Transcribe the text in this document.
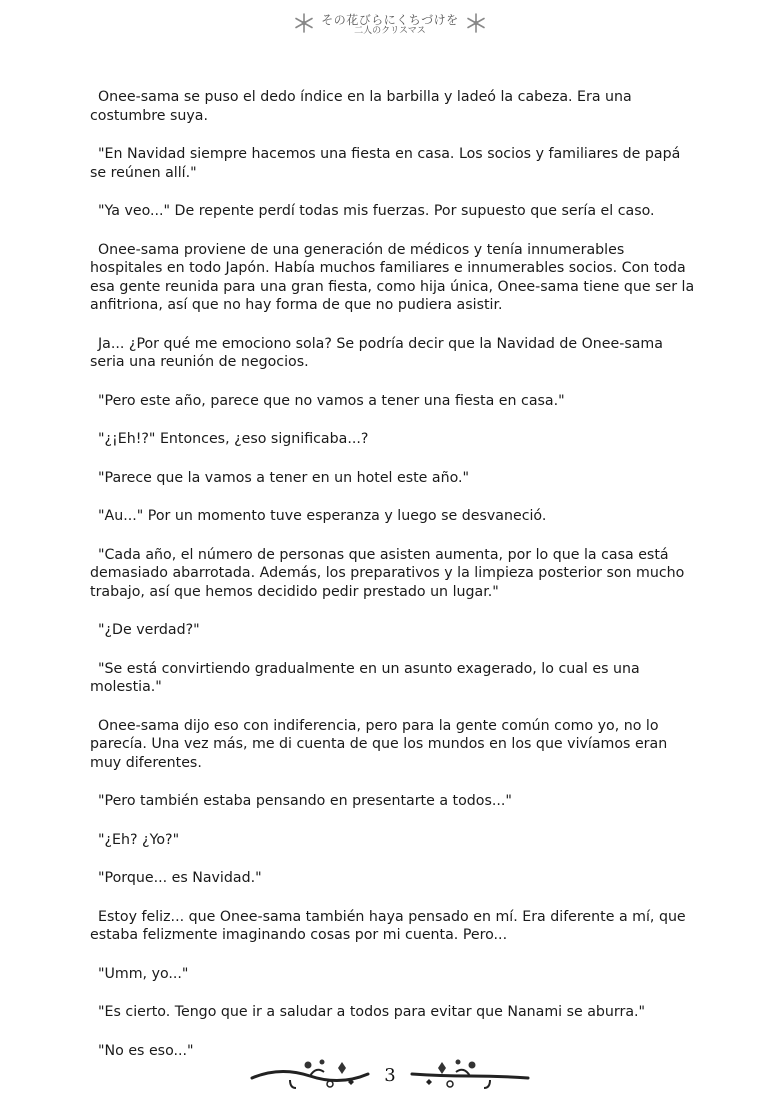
その花びらにくちづけを
二人のクリスマス

Onee-sama se puso el dedo índice en la barbilla y ladeó la cabeza. Era una costumbre suya.

"En Navidad siempre hacemos una fiesta en casa. Los socios y familiares de papá se reúnen allí."

"Ya veo..." De repente perdí todas mis fuerzas. Por supuesto que sería el caso.

Onee-sama proviene de una generación de médicos y tenía innumerables hospitales en todo Japón. Había muchos familiares e innumerables socios. Con toda esa gente reunida para una gran fiesta, como hija única, Onee-sama tiene que ser la anfitriona, así que no hay forma de que no pudiera asistir.

Ja... ¿Por qué me emociono sola? Se podría decir que la Navidad de Onee-sama seria una reunión de negocios.

"Pero este año, parece que no vamos a tener una fiesta en casa."

"¿¡Eh!?" Entonces, ¿eso significaba...?

"Parece que la vamos a tener en un hotel este año."

"Au..." Por un momento tuve esperanza y luego se desvaneció.

"Cada año, el número de personas que asisten aumenta, por lo que la casa está demasiado abarrotada. Además, los preparativos y la limpieza posterior son mucho trabajo, así que hemos decidido pedir prestado un lugar."

"¿De verdad?"

"Se está convirtiendo gradualmente en un asunto exagerado, lo cual es una molestia."

Onee-sama dijo eso con indiferencia, pero para la gente común como yo, no lo parecía. Una vez más, me di cuenta de que los mundos en los que vivíamos eran muy diferentes.

"Pero también estaba pensando en presentarte a todos..."

"¿Eh? ¿Yo?"

"Porque... es Navidad."

Estoy feliz... que Onee-sama también haya pensado en mí. Era diferente a mí, que estaba felizmente imaginando cosas por mi cuenta. Pero...

"Umm, yo..."

"Es cierto. Tengo que ir a saludar a todos para evitar que Nanami se aburra."

"No es eso..."

3
